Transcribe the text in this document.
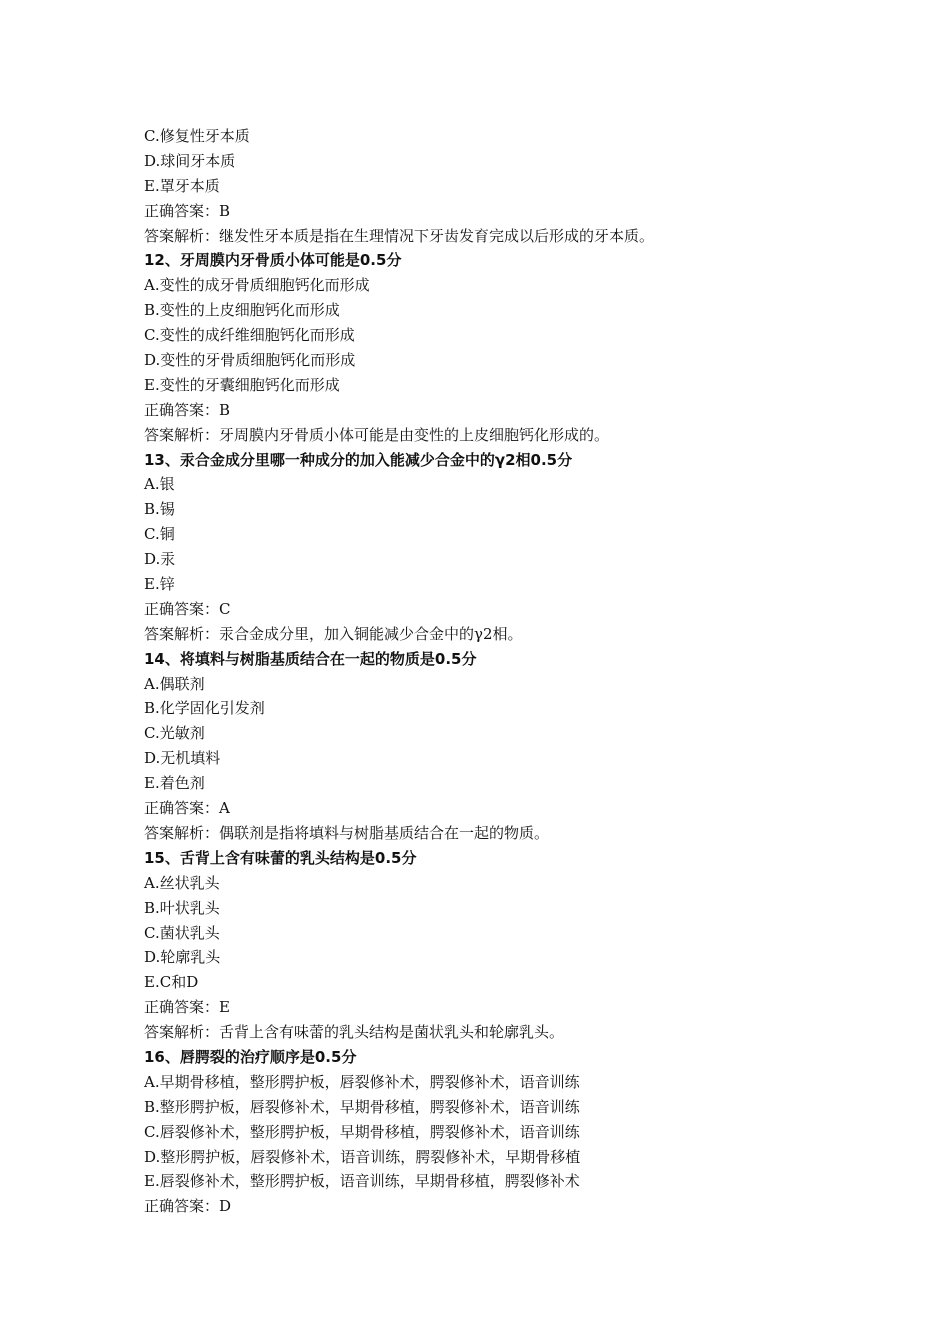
C.修复性牙本质
D.球间牙本质
E.罩牙本质
正确答案：B
答案解析：继发性牙本质是指在生理情况下牙齿发育完成以后形成的牙本质。
12、牙周膜内牙骨质小体可能是0.5分
A.变性的成牙骨质细胞钙化而形成
B.变性的上皮细胞钙化而形成
C.变性的成纤维细胞钙化而形成
D.变性的牙骨质细胞钙化而形成
E.变性的牙囊细胞钙化而形成
正确答案：B
答案解析：牙周膜内牙骨质小体可能是由变性的上皮细胞钙化形成的。
13、汞合金成分里哪一种成分的加入能减少合金中的γ2相0.5分
A.银
B.锡
C.铜
D.汞
E.锌
正确答案：C
答案解析：汞合金成分里，加入铜能减少合金中的γ2相。
14、将填料与树脂基质结合在一起的物质是0.5分
A.偶联剂
B.化学固化引发剂
C.光敏剂
D.无机填料
E.着色剂
正确答案：A
答案解析：偶联剂是指将填料与树脂基质结合在一起的物质。
15、舌背上含有味蕾的乳头结构是0.5分
A.丝状乳头
B.叶状乳头
C.菌状乳头
D.轮廓乳头
E.C和D
正确答案：E
答案解析：舌背上含有味蕾的乳头结构是菌状乳头和轮廓乳头。
16、唇腭裂的治疗顺序是0.5分
A.早期骨移植，整形腭护板，唇裂修补术，腭裂修补术，语音训练
B.整形腭护板，唇裂修补术，早期骨移植，腭裂修补术，语音训练
C.唇裂修补术，整形腭护板，早期骨移植，腭裂修补术，语音训练
D.整形腭护板，唇裂修补术，语音训练，腭裂修补术，早期骨移植
E.唇裂修补术，整形腭护板，语音训练，早期骨移植，腭裂修补术
正确答案：D
